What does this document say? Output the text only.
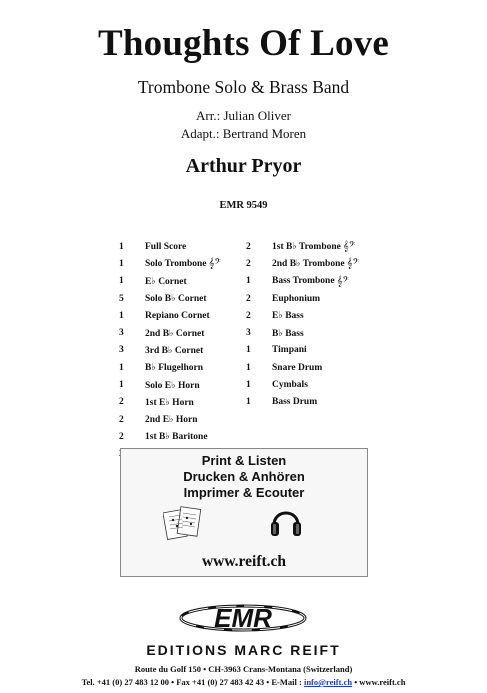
Thoughts Of Love
Trombone Solo & Brass Band
Arr.: Julian Oliver
Adapt.: Bertrand Moren
Arthur Pryor
EMR 9549
1	Full Score
1	Solo Trombone 𝄞𝄢
1	E♭ Cornet
5	Solo B♭ Cornet
1	Repiano Cornet
3	2nd B♭ Cornet
3	3rd B♭ Cornet
1	B♭ Flugelhorn
1	Solo E♭ Horn
2	1st E♭ Horn
2	2nd E♭ Horn
2	1st B♭ Baritone
2	1st B♭ Trombone 𝄞𝄢
2	2nd B♭ Trombone 𝄞𝄢
1	Bass Trombone 𝄞𝄢
2	Euphonium
2	E♭ Bass
3	B♭ Bass
1	Timpani
1	Snare Drum
1	Cymbals
1	Bass Drum
Print & Listen
Drucken & Anhören
Imprimer & Ecouter
www.reift.ch
EMR
EDITIONS MARC REIFT
Route du Golf 150 • CH-3963 Crans-Montana (Switzerland)
Tel. +41 (0) 27 483 12 00 • Fax +41 (0) 27 483 42 43 • E-Mail : info@reift.ch • www.reift.ch
